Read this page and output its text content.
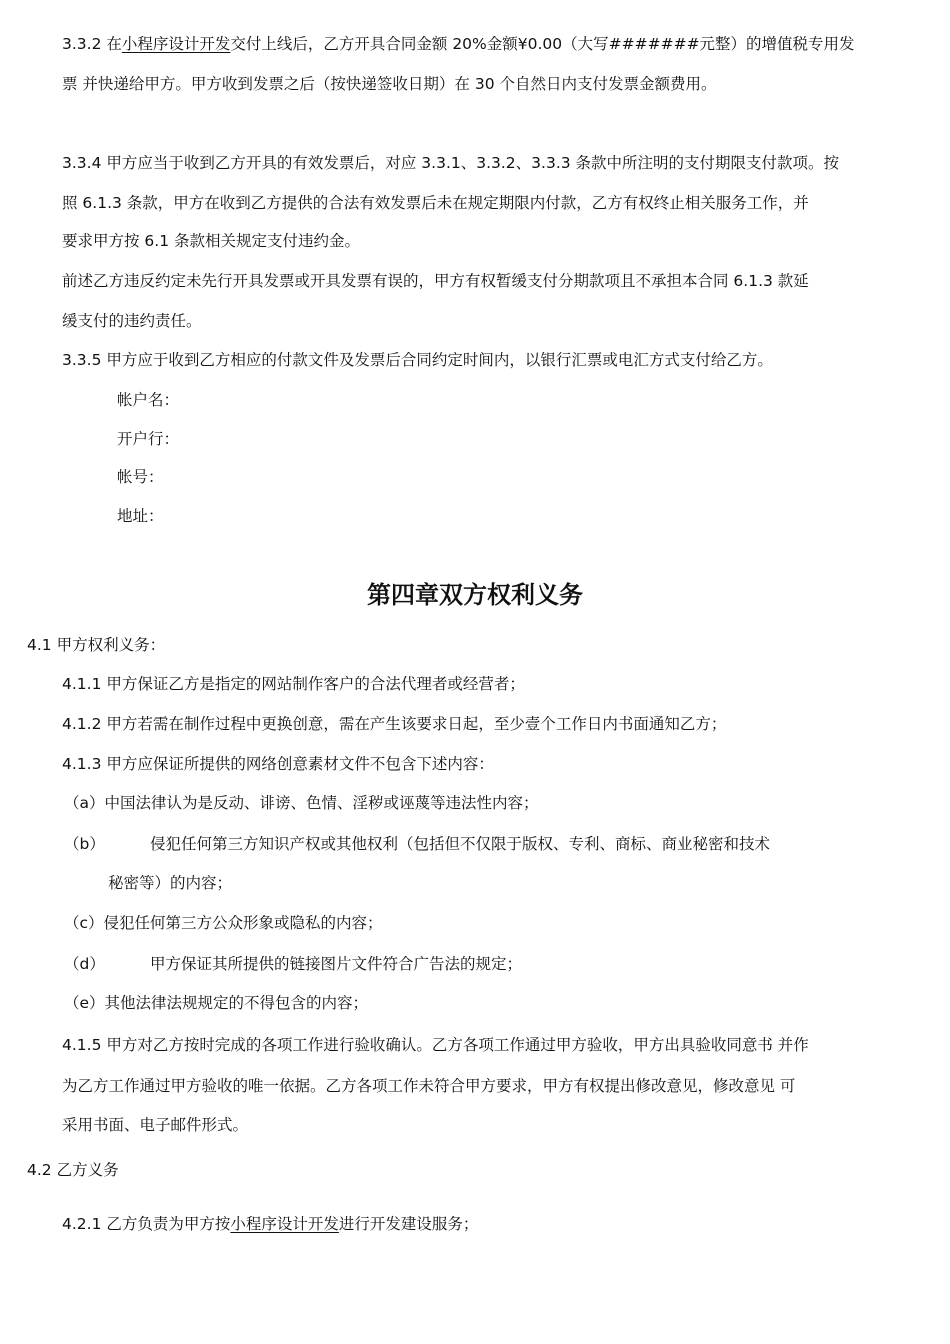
3.3.2 在小程序设计开发交付上线后，乙方开具合同金额 20%金额¥0.00（大写#######元整）的增值税专用发
票 并快递给甲方。甲方收到发票之后（按快递签收日期）在 30 个自然日内支付发票金额费用。
3.3.4 甲方应当于收到乙方开具的有效发票后，对应 3.3.1、3.3.2、3.3.3 条款中所注明的支付期限支付款项。按
照 6.1.3 条款，甲方在收到乙方提供的合法有效发票后未在规定期限内付款，乙方有权终止相关服务工作，并
要求甲方按 6.1 条款相关规定支付违约金。
前述乙方违反约定未先行开具发票或开具发票有误的，甲方有权暂缓支付分期款项且不承担本合同 6.1.3 款延
缓支付的违约责任。
3.3.5 甲方应于收到乙方相应的付款文件及发票后合同约定时间内，以银行汇票或电汇方式支付给乙方。
帐户名：
开户行：
帐号：
地址：
第四章双方权利义务
4.1 甲方权利义务：
4.1.1 甲方保证乙方是指定的网站制作客户的合法代理者或经营者；
4.1.2 甲方若需在制作过程中更换创意，需在产生该要求日起，至少壹个工作日内书面通知乙方；
4.1.3 甲方应保证所提供的网络创意素材文件不包含下述内容：
（a）中国法律认为是反动、诽谤、色情、淫秽或诬蔑等违法性内容；
（b）	侵犯任何第三方知识产权或其他权利（包括但不仅限于版权、专利、商标、商业秘密和技术
秘密等）的内容；
（c）侵犯任何第三方公众形象或隐私的内容；
（d）	甲方保证其所提供的链接图片文件符合广告法的规定；
（e）其他法律法规规定的不得包含的内容；
4.1.5 甲方对乙方按时完成的各项工作进行验收确认。乙方各项工作通过甲方验收，甲方出具验收同意书 并作
为乙方工作通过甲方验收的唯一依据。乙方各项工作未符合甲方要求，甲方有权提出修改意见，修改意见 可
采用书面、电子邮件形式。
4.2 乙方义务
4.2.1 乙方负责为甲方按小程序设计开发进行开发建设服务；
